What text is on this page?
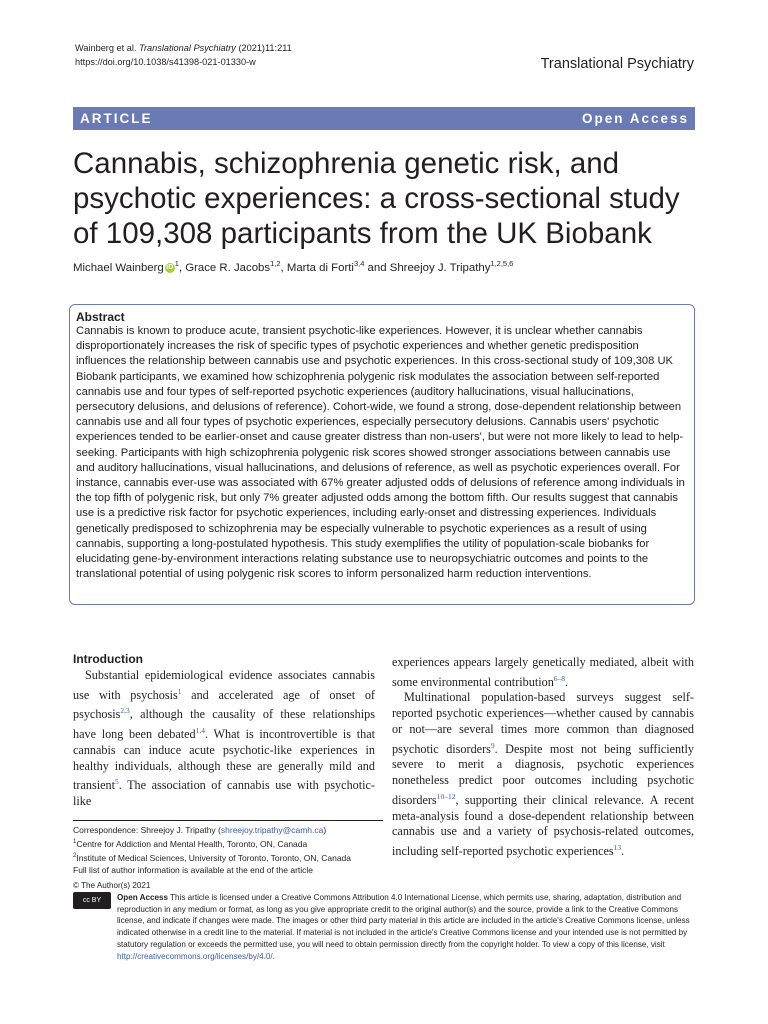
Wainberg et al. Translational Psychiatry (2021)11:211
https://doi.org/10.1038/s41398-021-01330-w	Translational Psychiatry
ARTICLE	Open Access
Cannabis, schizophrenia genetic risk, and psychotic experiences: a cross-sectional study of 109,308 participants from the UK Biobank
Michael Wainberg iD $^1$, Grace R. Jacobs$^{1,2}$, Marta di Forti$^{3,4}$ and Shreejoy J. Tripathy$^{1,2,5,6}$
Abstract

Cannabis is known to produce acute, transient psychotic-like experiences. However, it is unclear whether cannabis disproportionately increases the risk of specific types of psychotic experiences and whether genetic predisposition influences the relationship between cannabis use and psychotic experiences. In this cross-sectional study of 109,308 UK Biobank participants, we examined how schizophrenia polygenic risk modulates the association between self-reported cannabis use and four types of self-reported psychotic experiences (auditory hallucinations, visual hallucinations, persecutory delusions, and delusions of reference). Cohort-wide, we found a strong, dose-dependent relationship between cannabis use and all four types of psychotic experiences, especially persecutory delusions. Cannabis users' psychotic experiences tended to be earlier-onset and cause greater distress than non-users', but were not more likely to lead to help-seeking. Participants with high schizophrenia polygenic risk scores showed stronger associations between cannabis use and auditory hallucinations, visual hallucinations, and delusions of reference, as well as psychotic experiences overall. For instance, cannabis ever-use was associated with 67% greater adjusted odds of delusions of reference among individuals in the top fifth of polygenic risk, but only 7% greater adjusted odds among the bottom fifth. Our results suggest that cannabis use is a predictive risk factor for psychotic experiences, including early-onset and distressing experiences. Individuals genetically predisposed to schizophrenia may be especially vulnerable to psychotic experiences as a result of using cannabis, supporting a long-postulated hypothesis. This study exemplifies the utility of population-scale biobanks for elucidating gene-by-environment interactions relating substance use to neuropsychiatric outcomes and points to the translational potential of using polygenic risk scores to inform personalized harm reduction interventions.

Introduction

Substantial epidemiological evidence associates cannabis use with psychosis$^1$ and accelerated age of onset of psychosis$^{2,3}$, although the causality of these relationships have long been debated$^{1,4}$. What is incontrovertible is that cannabis can induce acute psychotic-like experiences in healthy individuals, although these are generally mild and transient$^5$. The association of cannabis use with psychotic-like

experiences appears largely genetically mediated, albeit with some environmental contribution$^{6-8}$.

Multinational population-based surveys suggest self-reported psychotic experiences—whether caused by cannabis or not—are several times more common than diagnosed psychotic disorders$^9$. Despite most not being sufficiently severe to merit a diagnosis, psychotic experiences nonetheless predict poor outcomes including psychotic disorders$^{10-12}$, supporting their clinical relevance. A recent meta-analysis found a dose-dependent relationship between cannabis use and a variety of psychosis-related outcomes, including self-reported psychotic experiences$^{13}$.

Correspondence: Shreejoy J. Tripathy (shreejoy.tripathy@camh.ca)
$^1$Centre for Addiction and Mental Health, Toronto, ON, Canada
$^2$Institute of Medical Sciences, University of Toronto, Toronto, ON, Canada
Full list of author information is available at the end of the article
© The Author(s) 2021
cc BY	Open Access This article is licensed under a Creative Commons Attribution 4.0 International License, which permits use, sharing, adaptation, distribution and reproduction in any medium or format, as long as you give appropriate credit to the original author(s) and the source, provide a link to the Creative Commons license, and indicate if changes were made. The images or other third party material in this article are included in the article's Creative Commons license, unless indicated otherwise in a credit line to the material. If material is not included in the article's Creative Commons license and your intended use is not permitted by statutory regulation or exceeds the permitted use, you will need to obtain permission directly from the copyright holder. To view a copy of this license, visit http://creativecommons.org/licenses/by/4.0/.
